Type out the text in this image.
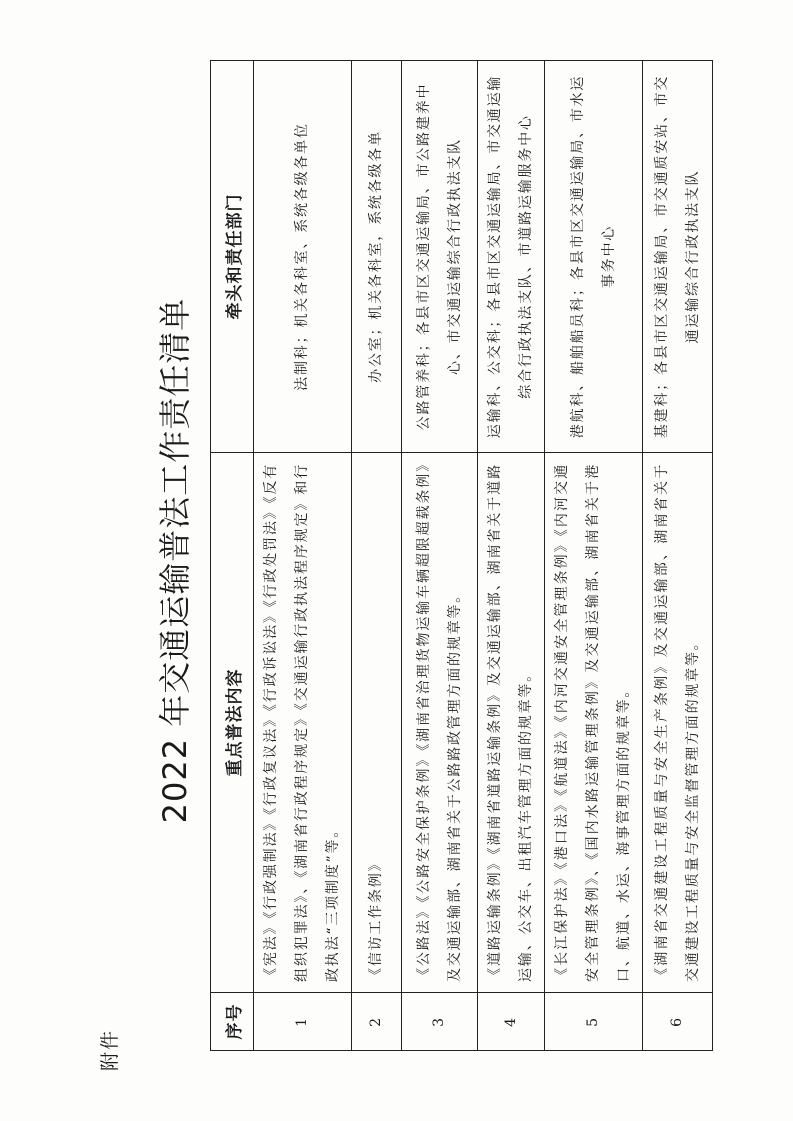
附件
2022 年交通运输普法工作责任清单
序号	重点普法内容	牵头和责任部门
1	《宪法》《行政强制法》《行政复议法》《行政诉讼法》《行政处罚法》《反有组织犯罪法》、《湖南省行政程序规定》《交通运输行政执法程序规定》和行政执法“三项制度”等。	法制科；机关各科室、系统各级各单位
2	《信访工作条例》	办公室；机关各科室，系统各级各单
3	《公路法》《公路安全保护条例》《湖南省治理货物运输车辆超限超载条例》及交通运输部、湖南省关于公路路政管理方面的规章等。	公路管养科；各县市区交通运输局、市公路建养中心、市交通运输综合行政执法支队
4	《道路运输条例》《湖南省道路运输条例》及交通运输部、湖南省关于道路运输、公交车、出租汽车管理方面的规章等。	运输科、公交科；各县市区交通运输局、市交通运输综合行政执法支队、市道路运输服务中心
5	《长江保护法》《港口法》《航道法》《内河交通安全管理条例》《内河交通安全管理条例》、《国内水路运输管理条例》及交通运输部、湖南省关于港口、航道、水运、海事管理方面的规章等。	港航科、船舶船员科；各县市区交通运输局、市水运事务中心
6	《湖南省交通建设工程质量与安全生产条例》及交通运输部、湖南省关于交通建设工程质量与安全监督管理方面的规章等。	基建科；各县市区交通运输局、市交通质安站、市交通运输综合行政执法支队
